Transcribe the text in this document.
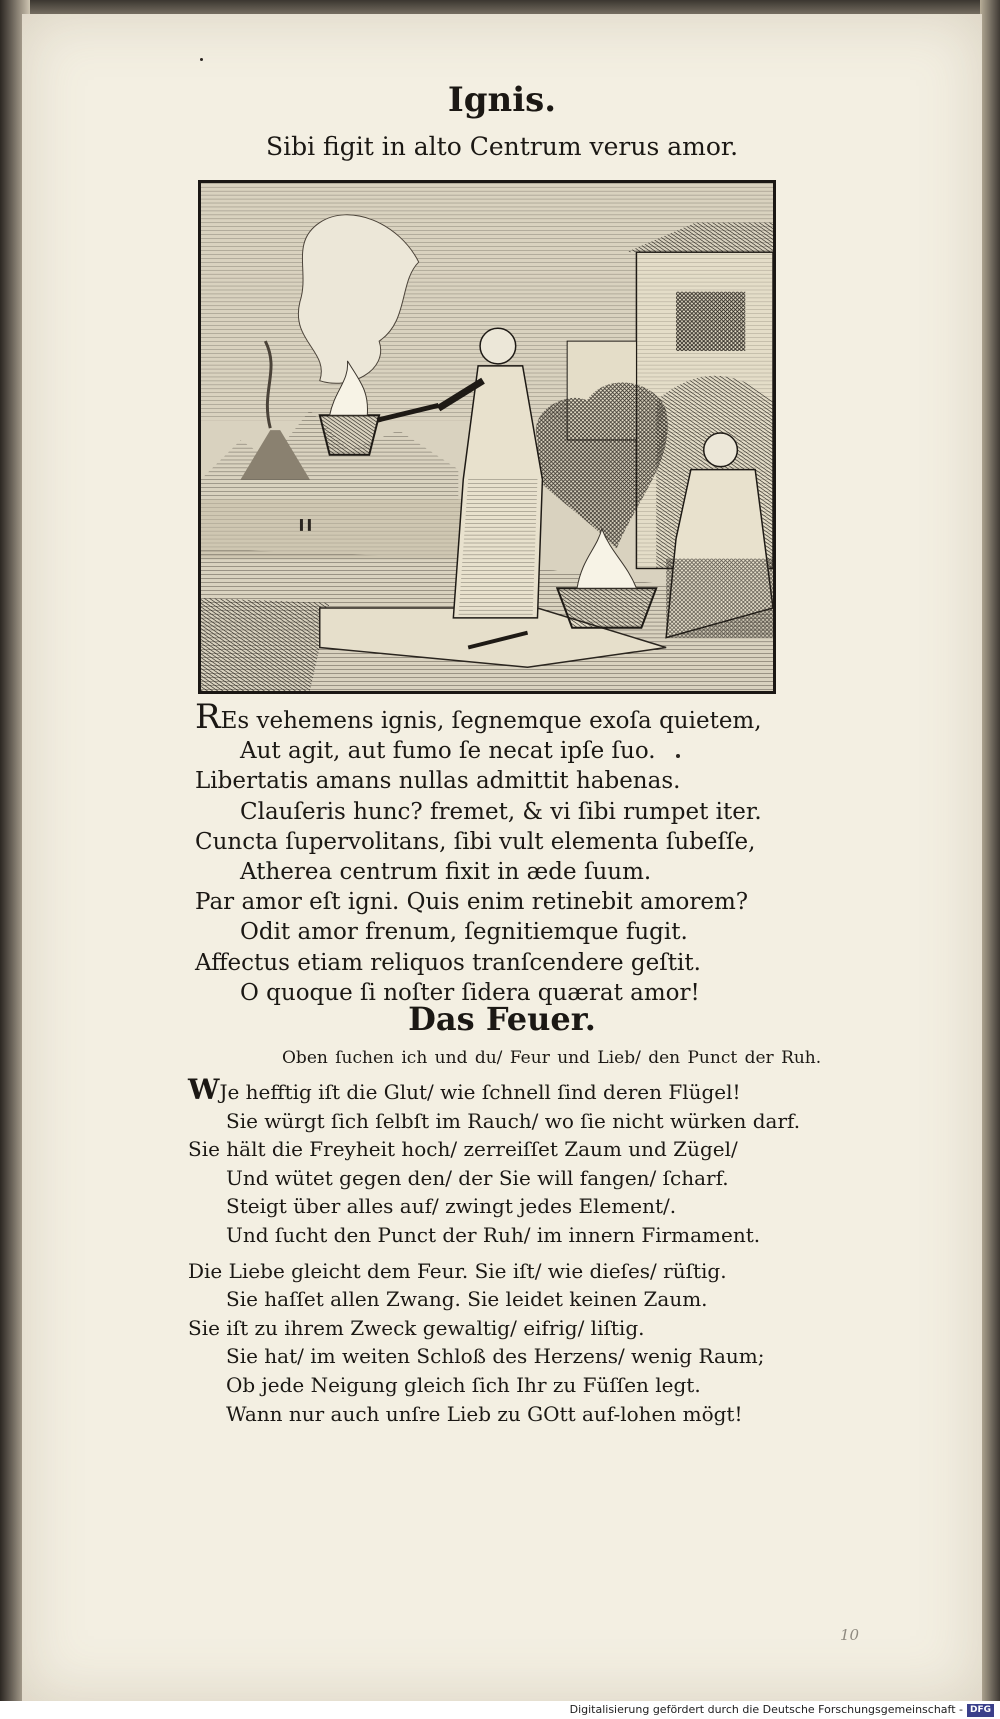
Ignis.
Sibi figit in alto Centrum verus amor.
REs vehemens ignis, ſegnemque exoſa quietem,
Aut agit, aut fumo ſe necat ipſe ſuo.
Libertatis amans nullas admittit habenas.
Clauſeris hunc? fremet, & vi ſibi rumpet iter.
Cuncta ſupervolitans, ſibi vult elementa ſubeſſe,
Atherea centrum fixit in æde ſuum.
Par amor eſt igni. Quis enim retinebit amorem?
Odit amor frenum, ſegnitiemque fugit.
Affectus etiam reliquos tranſcendere geſtit.
O quoque ſi noſter ſidera quærat amor!
Das Feuer.
Oben ſuchen ich und du/ Feur und Lieb/ den Punct der Ruh.
WJe hefftig iſt die Glut/ wie ſchnell ſind deren Flügel!
Sie würgt ſich ſelbſt im Rauch/ wo ſie nicht würken darf.
Sie hält die Freyheit hoch/ zerreiſſet Zaum und Zügel/
Und wütet gegen den/ der Sie will fangen/ ſcharf.
Steigt über alles auf/ zwingt jedes Element/.
Und ſucht den Punct der Ruh/ im innern Firmament.
Die Liebe gleicht dem Feur. Sie iſt/ wie dieſes/ rüſtig.
Sie haſſet allen Zwang. Sie leidet keinen Zaum.
Sie iſt zu ihrem Zweck gewaltig/ eifrig/ liſtig.
Sie hat/ im weiten Schloß des Herzens/ wenig Raum;
Ob jede Neigung gleich ſich Ihr zu Füſſen legt.
Wann nur auch unſre Lieb zu GOtt auf-lohen mögt!
10
Digitalisierung gefördert durch die Deutsche Forschungsgemeinschaft - DFG
